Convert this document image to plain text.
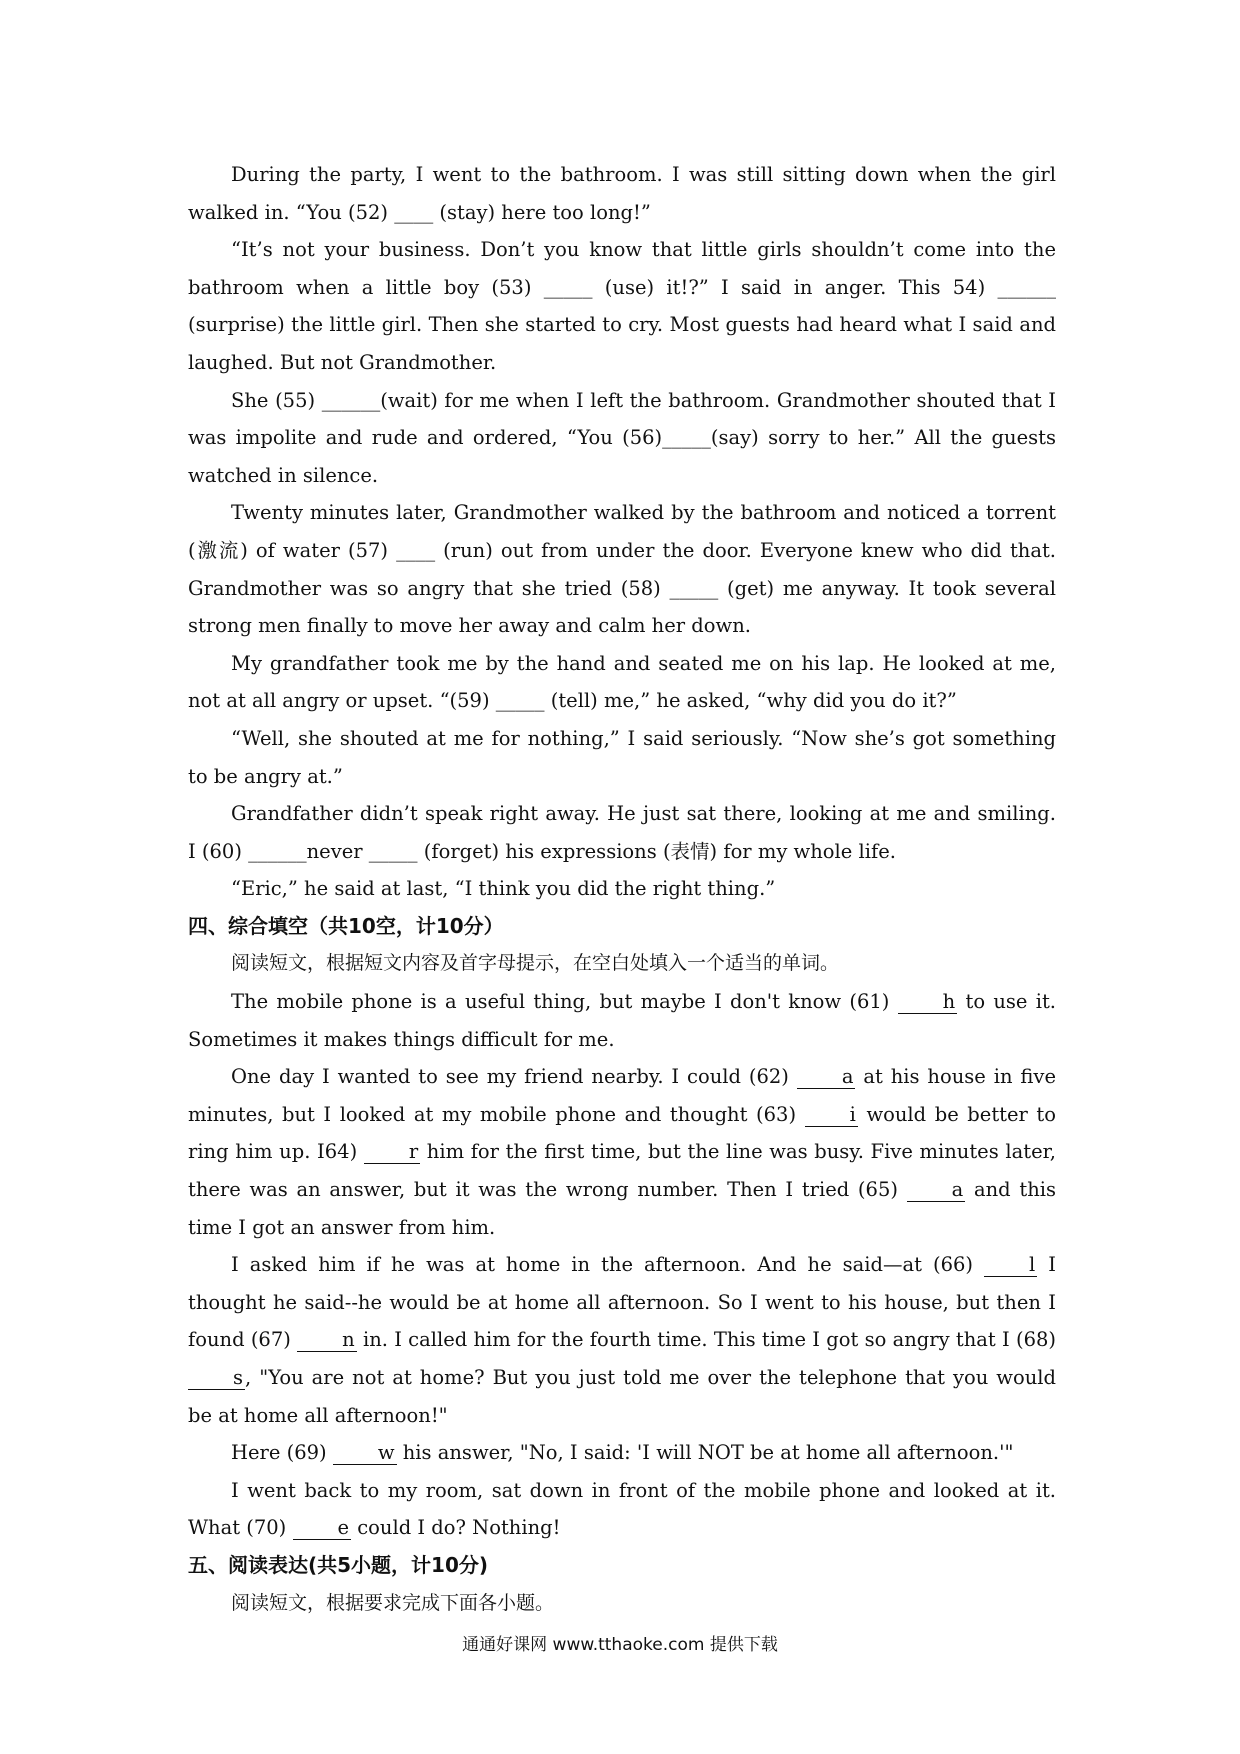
During the party, I went to the bathroom. I was still sitting down when the girl walked in. “You (52) ____ (stay) here too long!”

“It’s not your business. Don’t you know that little girls shouldn’t come into the bathroom when a little boy (53) _____ (use) it!?” I said in anger. This 54) ______ (surprise) the little girl. Then she started to cry. Most guests had heard what I said and laughed. But not Grandmother.

She (55) ______(wait) for me when I left the bathroom. Grandmother shouted that I was impolite and rude and ordered, “You (56)_____(say) sorry to her.” All the guests watched in silence.

Twenty minutes later, Grandmother walked by the bathroom and noticed a torrent (激流) of water (57) ____ (run) out from under the door. Everyone knew who did that. Grandmother was so angry that she tried (58) _____ (get) me anyway. It took several strong men finally to move her away and calm her down.

My grandfather took me by the hand and seated me on his lap. He looked at me, not at all angry or upset. “(59) _____ (tell) me,” he asked, “why did you do it?”

“Well, she shouted at me for nothing,” I said seriously. “Now she’s got something to be angry at.”

Grandfather didn’t speak right away. He just sat there, looking at me and smiling. I (60) ______never _____ (forget) his expressions (表情) for my whole life.

“Eric,” he said at last, “I think you did the right thing.”

四、综合填空（共10空，计10分）

阅读短文，根据短文内容及首字母提示，在空白处填入一个适当的单词。

The mobile phone is a useful thing, but maybe I don't know (61) h to use it. Sometimes it makes things difficult for me.

One day I wanted to see my friend nearby. I could (62) a at his house in five minutes, but I looked at my mobile phone and thought (63) i would be better to ring him up. I64) r him for the first time, but the line was busy. Five minutes later, there was an answer, but it was the wrong number. Then I tried (65) a and this time I got an answer from him.

I asked him if he was at home in the afternoon. And he said—at (66) l I thought he said--he would be at home all afternoon. So I went to his house, but then I found (67) n in. I called him for the fourth time. This time I got so angry that I (68) s , "You are not at home? But you just told me over the telephone that you would be at home all afternoon!"

Here (69) w his answer, "No, I said: 'I will NOT be at home all afternoon.'"

I went back to my room, sat down in front of the mobile phone and looked at it. What (70) e could I do? Nothing!

五、阅读表达(共5小题，计10分)

阅读短文，根据要求完成下面各小题。

通通好课网 www.tthaoke.com 提供下载
